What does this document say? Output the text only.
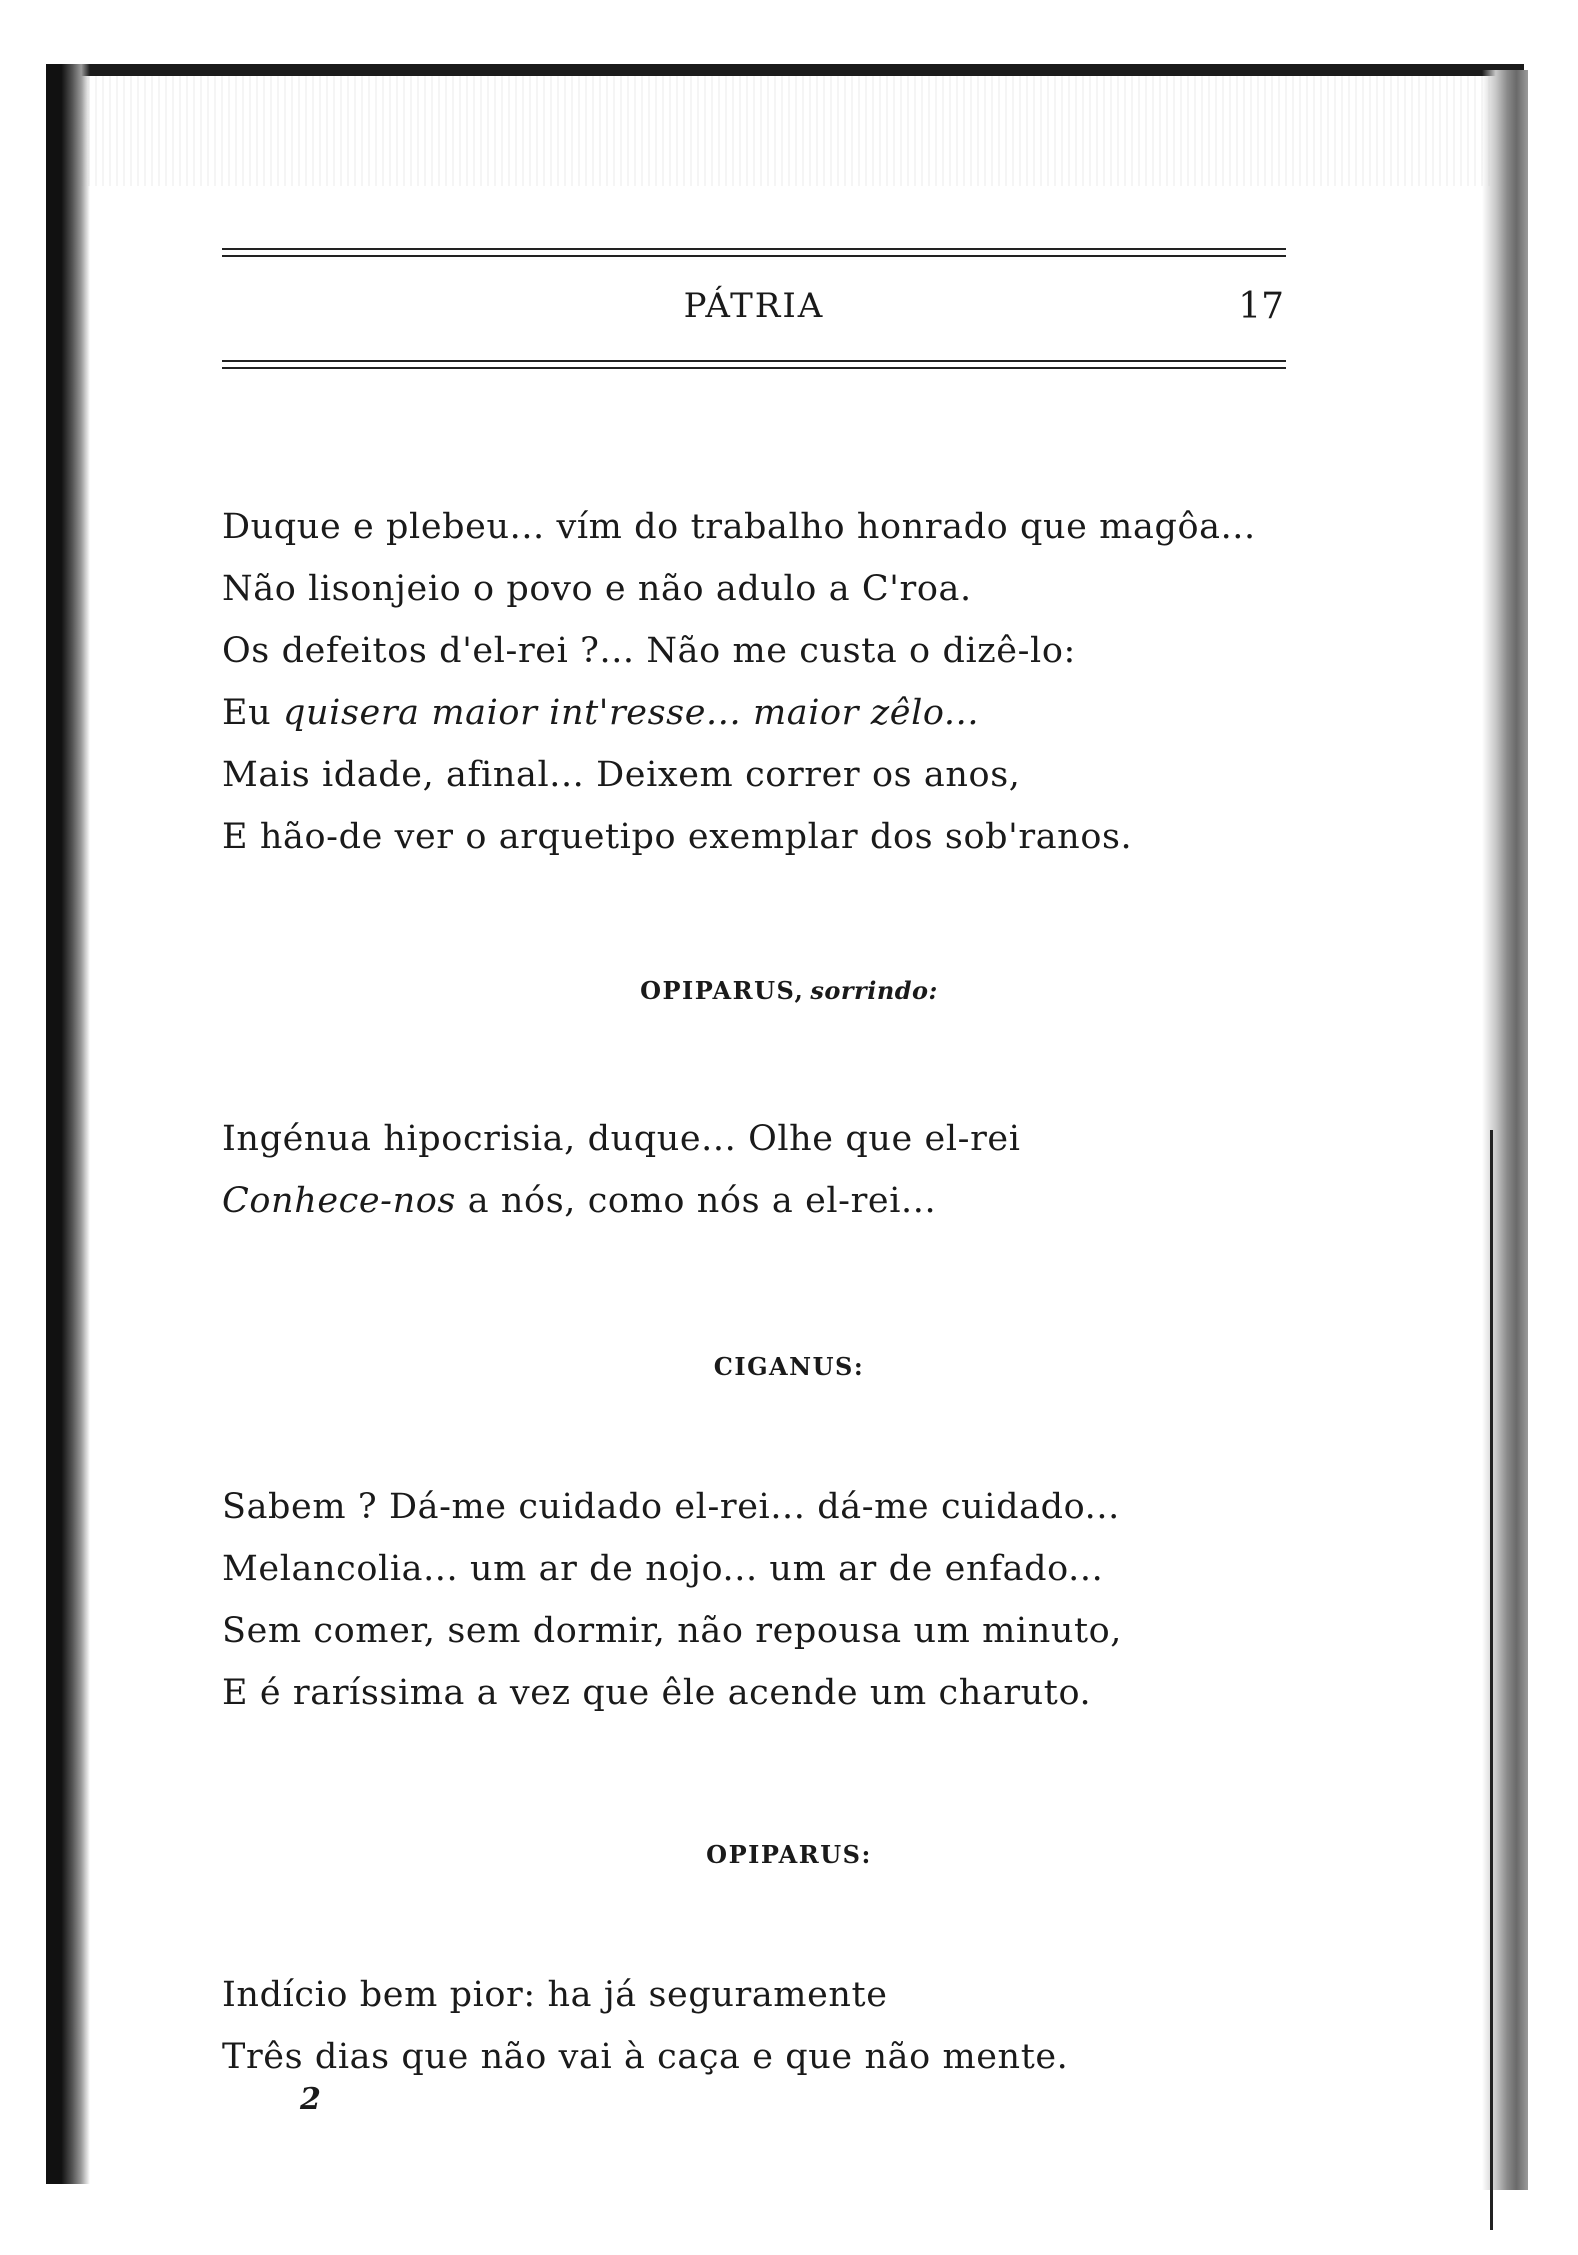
PÁTRIA	17
Duque e plebeu... vím do trabalho honrado que magôa...
Não lisonjeio o povo e não adulo a C'roa.
Os defeitos d'el-rei ?... Não me custa o dizê-lo:
Eu quisera maior int'resse... maior zêlo...
Mais idade, afinal... Deixem correr os anos,
E hão-de ver o arquetipo exemplar dos sob'ranos.
OPIPARUS, sorrindo:
Ingénua hipocrisia, duque... Olhe que el-rei
Conhece-nos a nós, como nós a el-rei...
CIGANUS:
Sabem ? Dá-me cuidado el-rei... dá-me cuidado...
Melancolia... um ar de nojo... um ar de enfado...
Sem comer, sem dormir, não repousa um minuto,
E é raríssima a vez que êle acende um charuto.
OPIPARUS:
Indício bem pior: ha já seguramente
Três dias que não vai à caça e que não mente.
2
